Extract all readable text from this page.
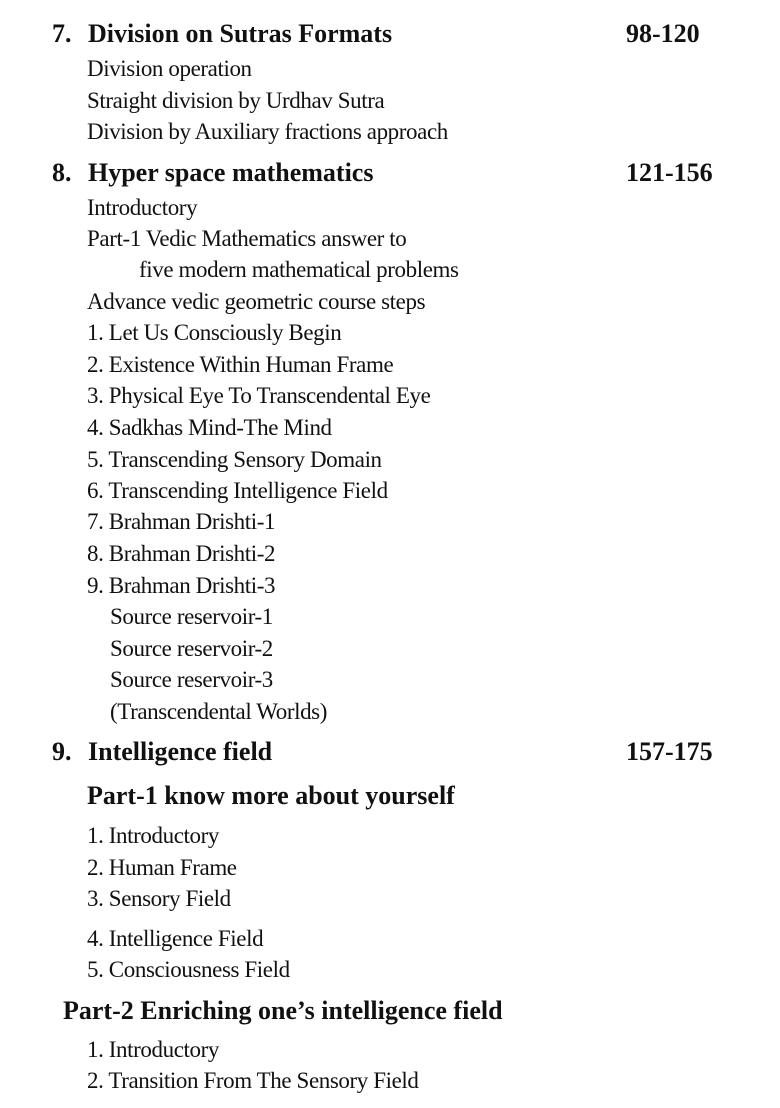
7. Division on Sutras Formats	98-120
Division operation
Straight division by Urdhav Sutra
Division by Auxiliary fractions approach
8. Hyper space mathematics	121-156
Introductory
Part-1 Vedic Mathematics answer to
five modern mathematical problems
Advance vedic geometric course steps
1. Let Us Consciously Begin
2. Existence Within Human Frame
3. Physical Eye To Transcendental Eye
4. Sadkhas Mind-The Mind
5. Transcending Sensory Domain
6. Transcending Intelligence Field
7. Brahman Drishti-1
8. Brahman Drishti-2
9. Brahman Drishti-3
Source reservoir-1
Source reservoir-2
Source reservoir-3
(Transcendental Worlds)
9. Intelligence field	157-175
Part-1 know more about yourself
1. Introductory
2. Human Frame
3. Sensory Field
4. Intelligence Field
5. Consciousness Field
Part-2 Enriching one’s intelligence field
1. Introductory
2. Transition From The Sensory Field
